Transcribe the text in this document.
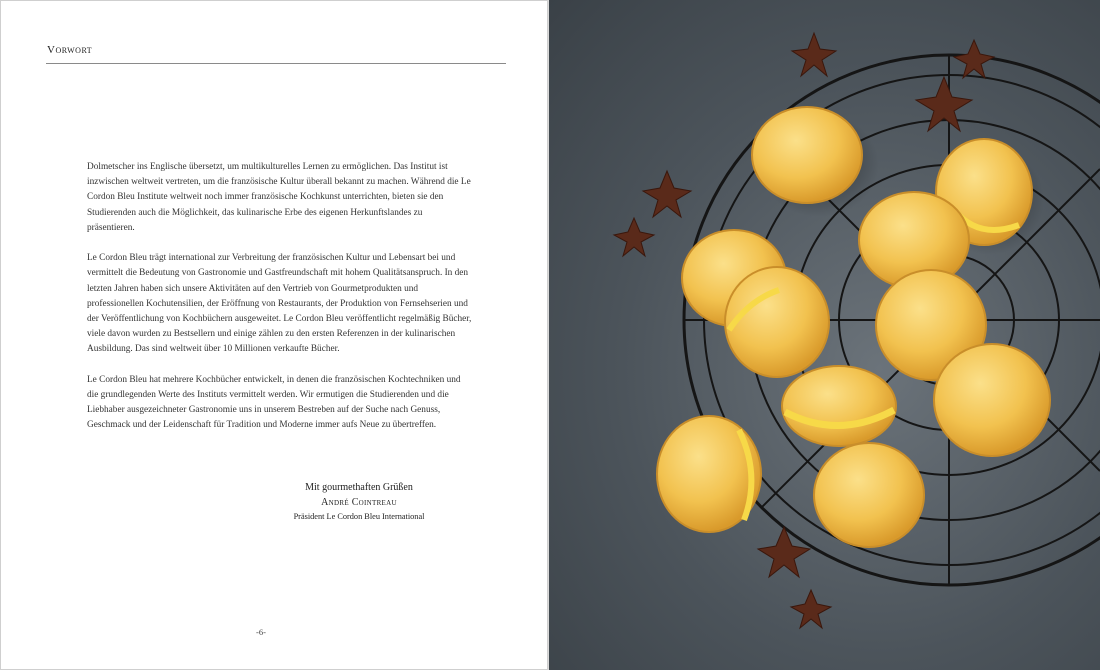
Vorwort

Dolmetscher ins Englische übersetzt, um multikulturelles Lernen zu ermöglichen. Das Institut ist inzwischen weltweit vertreten, um die französische Kultur überall bekannt zu machen. Während die Le Cordon Bleu Institute weltweit noch immer französische Kochkunst unterrichten, bieten sie den Studierenden auch die Möglichkeit, das kulinarische Erbe des eigenen Herkunftslandes zu präsentieren.

Le Cordon Bleu trägt international zur Verbreitung der französischen Kultur und Lebensart bei und vermittelt die Bedeutung von Gastronomie und Gastfreundschaft mit hohem Qualitätsanspruch. In den letzten Jahren haben sich unsere Aktivitäten auf den Vertrieb von Gourmetprodukten und professionellen Kochutensilien, der Eröffnung von Restaurants, der Produktion von Fernsehserien und der Veröffentlichung von Kochbüchern ausgeweitet. Le Cordon Bleu veröffentlicht regelmäßig Bücher, viele davon wurden zu Bestsellern und einige zählen zu den ersten Referenzen in der kulinarischen Ausbildung. Das sind weltweit über 10 Millionen verkaufte Bücher.

Le Cordon Bleu hat mehrere Kochbücher entwickelt, in denen die französischen Kochtechniken und die grundlegenden Werte des Instituts vermittelt werden. Wir ermutigen die Studierenden und die Liebhaber ausgezeichneter Gastronomie uns in unserem Bestreben auf der Suche nach Genuss, Geschmack und der Leidenschaft für Tradition und Moderne immer aufs Neue zu übertreffen.

Mit gourmethaften Grüßen
André Cointreau
Präsident Le Cordon Bleu International
-6-
